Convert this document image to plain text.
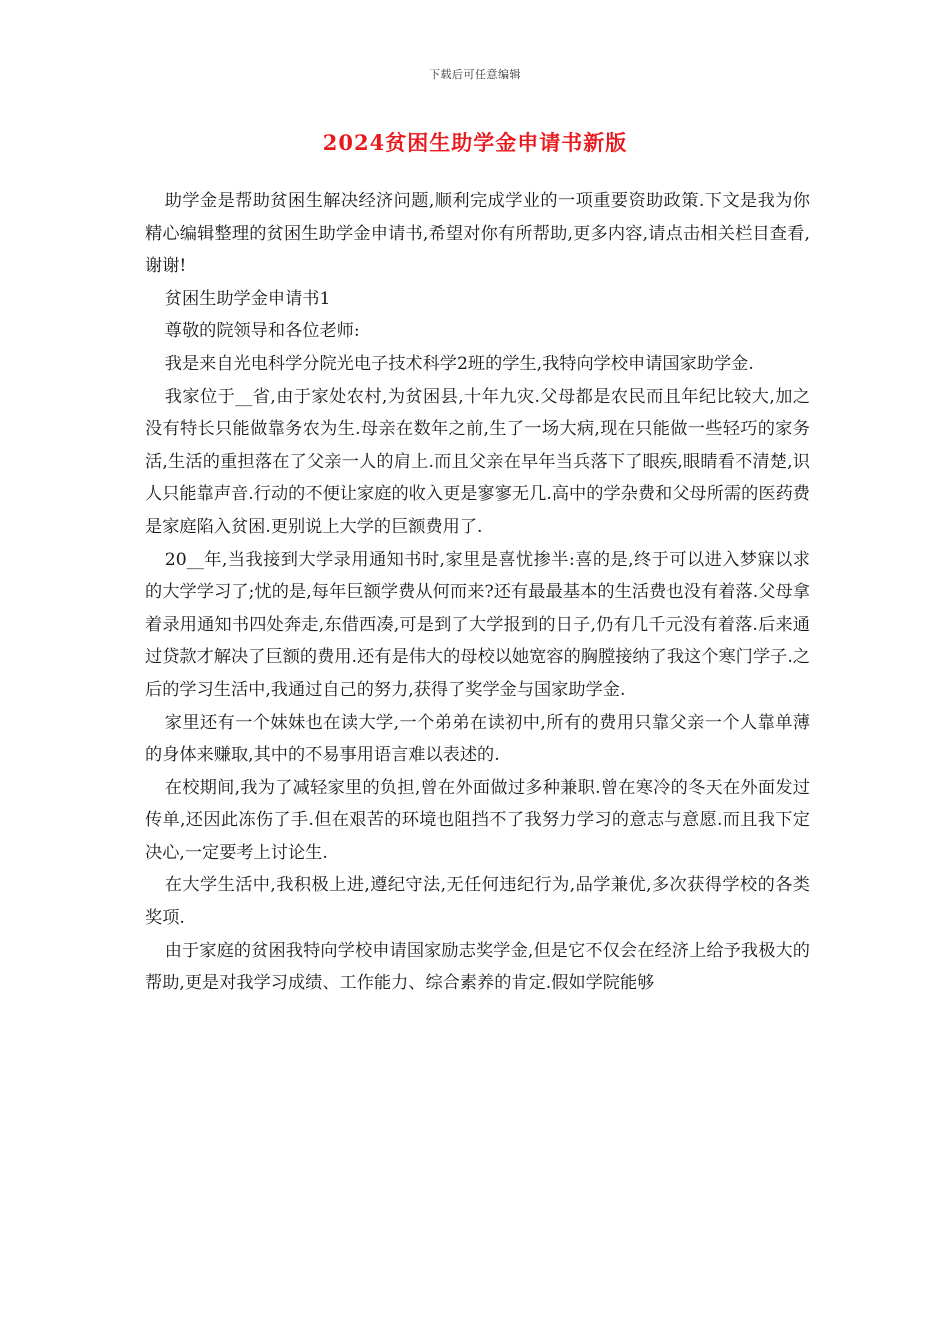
下载后可任意编辑
2024贫困生助学金申请书新版

助学金是帮助贫困生解决经济问题,顺利完成学业的一项重要资助政策.下文是我为你精心编辑整理的贫困生助学金申请书,希望对你有所帮助,更多内容,请点击相关栏目查看,谢谢!

贫困生助学金申请书1

尊敬的院领导和各位老师:

我是来自光电科学分院光电子技术科学2班的学生,我特向学校申请国家助学金.

我家位于__省,由于家处农村,为贫困县,十年九灾.父母都是农民而且年纪比较大,加之没有特长只能做靠务农为生.母亲在数年之前,生了一场大病,现在只能做一些轻巧的家务活,生活的重担落在了父亲一人的肩上.而且父亲在早年当兵落下了眼疾,眼睛看不清楚,识人只能靠声音.行动的不便让家庭的收入更是寥寥无几.高中的学杂费和父母所需的医药费是家庭陷入贫困.更别说上大学的巨额费用了.

20__年,当我接到大学录用通知书时,家里是喜忧掺半:喜的是,终于可以进入梦寐以求的大学学习了;忧的是,每年巨额学费从何而来?还有最最基本的生活费也没有着落.父母拿着录用通知书四处奔走,东借西凑,可是到了大学报到的日子,仍有几千元没有着落.后来通过贷款才解决了巨额的费用.还有是伟大的母校以她宽容的胸膛接纳了我这个寒门学子.之后的学习生活中,我通过自己的努力,获得了奖学金与国家助学金.

家里还有一个妹妹也在读大学,一个弟弟在读初中,所有的费用只靠父亲一个人靠单薄的身体来赚取,其中的不易事用语言难以表述的.

在校期间,我为了减轻家里的负担,曾在外面做过多种兼职.曾在寒冷的冬天在外面发过传单,还因此冻伤了手.但在艰苦的环境也阻挡不了我努力学习的意志与意愿.而且我下定决心,一定要考上讨论生.

在大学生活中,我积极上进,遵纪守法,无任何违纪行为,品学兼优,多次获得学校的各类奖项.

由于家庭的贫困我特向学校申请国家励志奖学金,但是它不仅会在经济上给予我极大的帮助,更是对我学习成绩、工作能力、综合素养的肯定.假如学院能够
